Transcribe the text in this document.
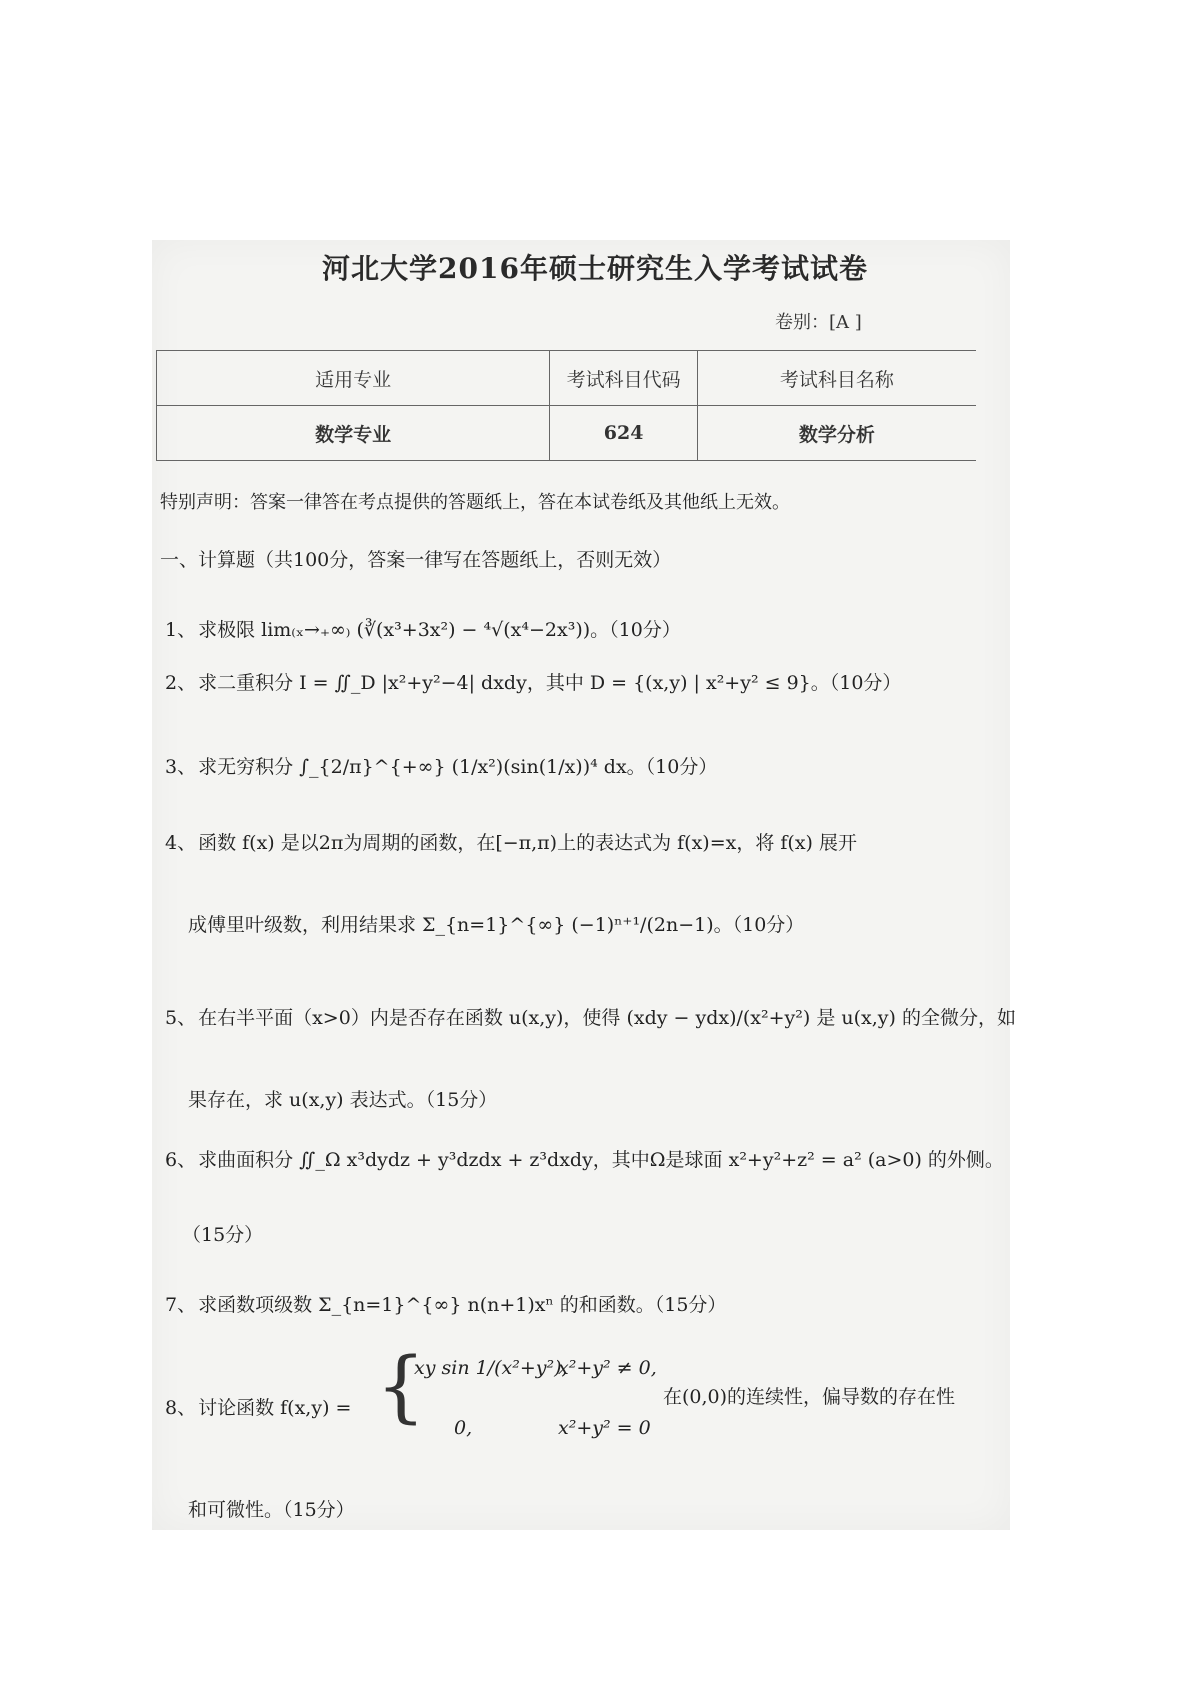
河北大学2016年硕士研究生入学考试试卷
卷别：[A ]
适用专业	考试科目代码	考试科目名称
数学专业	624	数学分析
特别声明：答案一律答在考点提供的答题纸上，答在本试卷纸及其他纸上无效。
一、计算题（共100分，答案一律写在答题纸上，否则无效）
1、 求极限 lim₍ₓ→₊∞₎ (∛(x³+3x²) − ⁴√(x⁴−2x³))。（10分）
2、 求二重积分 I = ∬_D |x²+y²−4| dxdy，其中 D = {(x,y) | x²+y² ≤ 9}。（10分）
3、 求无穷积分 ∫_{2/π}^{+∞} (1/x²)(sin(1/x))⁴ dx。（10分）
4、 函数 f(x) 是以2π为周期的函数，在[−π,π)上的表达式为 f(x)=x，将 f(x) 展开
成傅里叶级数，利用结果求 Σ_{n=1}^{∞} (−1)ⁿ⁺¹/(2n−1)。（10分）
5、 在右半平面（x>0）内是否存在函数 u(x,y)，使得 (xdy − ydx)/(x²+y²) 是 u(x,y) 的全微分，如
果存在，求 u(x,y) 表达式。（15分）
6、 求曲面积分 ∬_Ω x³dydz + y³dzdx + z³dxdy，其中Ω是球面 x²+y²+z² = a² (a>0) 的外侧。
（15分）
7、 求函数项级数 Σ_{n=1}^{∞} n(n+1)xⁿ 的和函数。（15分）
8、 讨论函数 f(x,y) = {
xy sin 1/(x²+y²),
x²+y² ≠ 0,
0,	x²+y² = 0
在(0,0)的连续性，偏导数的存在性
和可微性。（15分）
